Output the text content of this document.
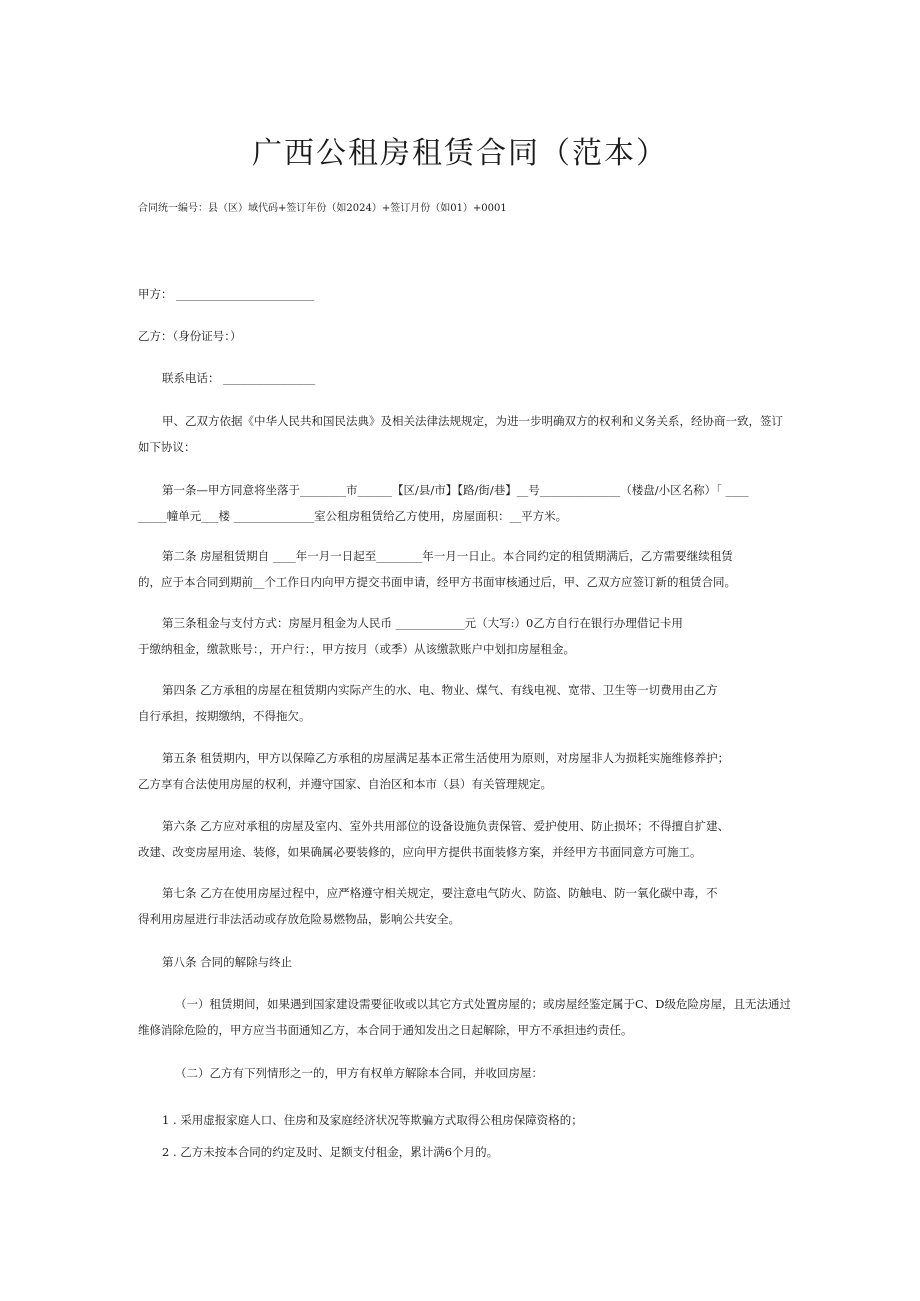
广西公租房租赁合同（范本）
合同统一编号：县（区）域代码+签订年份（如2024）+签订月份（如01）+0001
甲方： ________________________
乙方：（身份证号：）
联系电话： ________________
甲、乙双方依据《中华人民共和国民法典》及相关法律法规规定，为进一步明确双方的权利和义务关系，经协商一致，签订
如下协议：
第一条—甲方同意将坐落于________市______【区/县/市】【路/街/巷】__号______________（楼盘/小区名称）「 ____
_____幢单元___楼 ______________室公租房租赁给乙方使用，房屋面积：__平方米。
第二条 房屋租赁期自 ____年一月一日起至________年一月一日止。本合同约定的租赁期满后，乙方需要继续租赁
的，应于本合同到期前__个工作日内向甲方提交书面申请，经甲方书面审核通过后，甲、乙双方应签订新的租赁合同。
第三条租金与支付方式：房屋月租金为人民币 ____________元（大写:）0乙方自行在银行办理借记卡用
于缴纳租金，缴款账号：，开户行：，甲方按月（或季）从该缴款账户中划扣房屋租金。
第四条 乙方承租的房屋在租赁期内实际产生的水、电、物业、煤气、有线电视、宽带、卫生等一切费用由乙方
自行承担，按期缴纳，不得拖欠。
第五条 租赁期内，甲方以保障乙方承租的房屋满足基本正常生活使用为原则，对房屋非人为损耗实施维修养护；
乙方享有合法使用房屋的权利，并遵守国家、自治区和本市（县）有关管理规定。
第六条 乙方应对承租的房屋及室内、室外共用部位的设备设施负责保管、爱护使用、防止损坏；不得擅自扩建、
改建、改变房屋用途、装修，如果确属必要装修的，应向甲方提供书面装修方案，并经甲方书面同意方可施工。
第七条 乙方在使用房屋过程中，应严格遵守相关规定，要注意电气防火、防盗、防触电、防一氧化碳中毒，不
得利用房屋进行非法活动或存放危险易燃物品，影响公共安全。
第八条 合同的解除与终止
（一）租赁期间，如果遇到国家建设需要征收或以其它方式处置房屋的；或房屋经鉴定属于C、D级危险房屋，且无法通过
维修消除危险的，甲方应当书面通知乙方，本合同于通知发出之日起解除，甲方不承担违约责任。
（二）乙方有下列情形之一的，甲方有权单方解除本合同，并收回房屋：
1 . 采用虚报家庭人口、住房和及家庭经济状况等欺骗方式取得公租房保障资格的；
2 . 乙方未按本合同的约定及时、足额支付租金，累计满6个月的。
